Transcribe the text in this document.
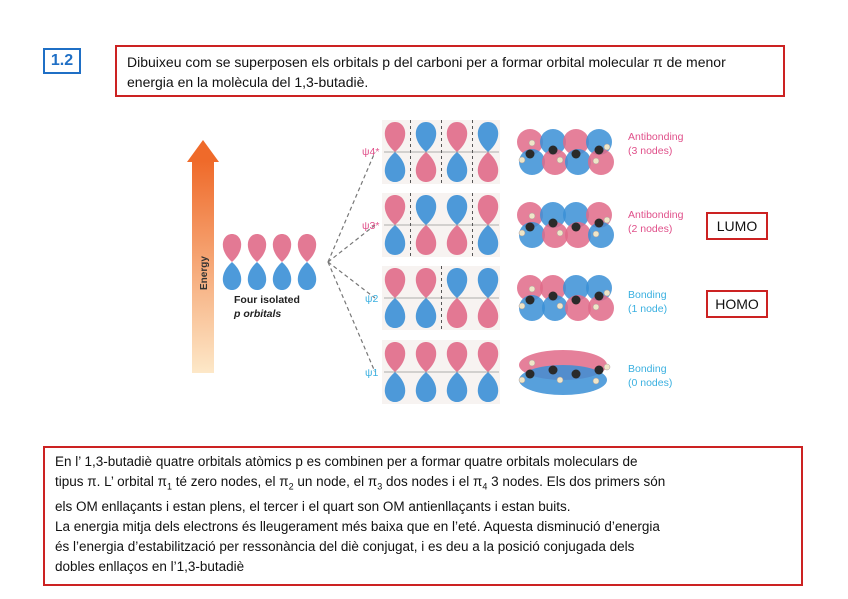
1.2	Dibuixeu com se superposen els orbitals p del carboni per a formar orbital molecular π de menor energia en la molècula del 1,3-butadiè.
Energy
Four isolated
p orbitals
ψ4*
ψ3*
ψ2
ψ1
Antibonding
(3 nodes)
Antibonding
(2 nodes)
Bonding
(1 node)
Bonding
(0 nodes)
LUMO
HOMO

En l’ 1,3-butadiè quatre orbitals atòmics p es combinen per a formar quatre orbitals moleculars de

tipus π. L’ orbital $\pi_1$ té zero nodes, el $\pi_2$ un node, el $\pi_3$ dos nodes i el $\pi_4$ 3 nodes. Els dos primers són

els OM enllaçants i estan plens, el tercer i el quart son OM antienllaçants i estan buits.

La energia mitja dels electrons és lleugerament més baixa que en l’eté. Aquesta disminució d’energia

és l’energia d’estabilització per ressonància del diè conjugat, i es deu a la posició conjugada dels

dobles enllaços en l’1,3-butadiè
